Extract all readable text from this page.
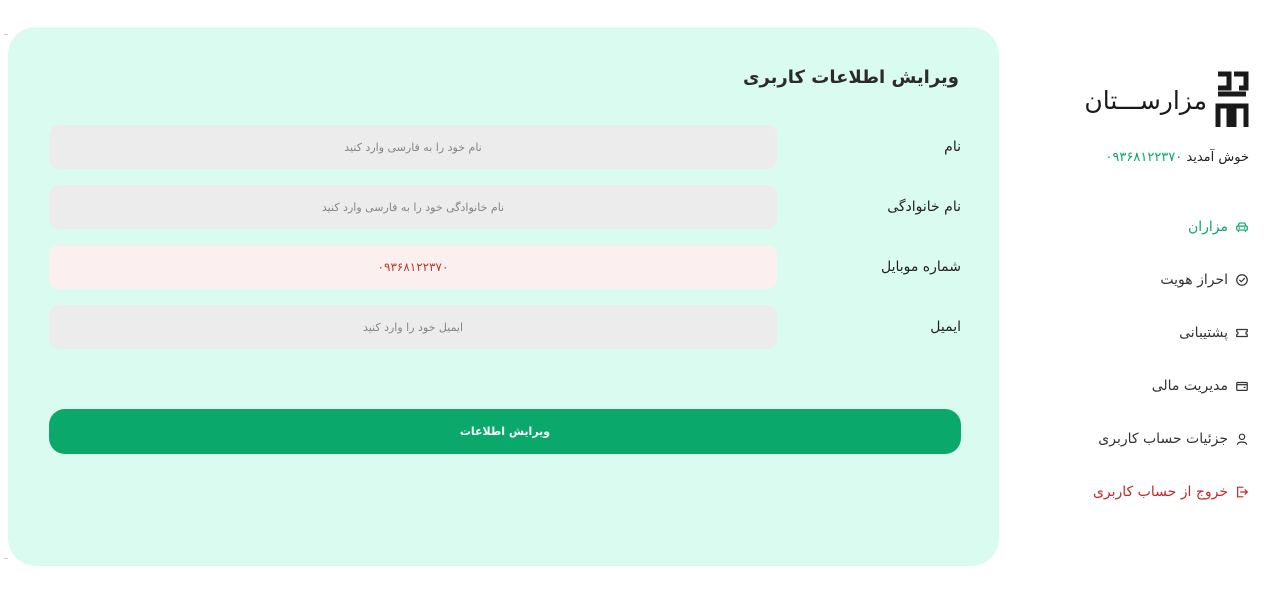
ویرایش اطلاعات کاربری
نام
نام خود را به فارسی وارد کنید
نام خانوادگی
نام خانوادگی خود را به فارسی وارد کنید
شماره موبایل
۰۹۳۶۸۱۲۲۳۷۰
ایمیل
ایمیل خود را وارد کنید
ویرایش اطلاعات
مزارســـتان
خوش آمدید ۰۹۳۶۸۱۲۲۳۷۰
مزاران
احراز هویت
پشتیبانی
مدیریت مالی
جزئیات حساب کاربری
خروج از حساب کاربری
